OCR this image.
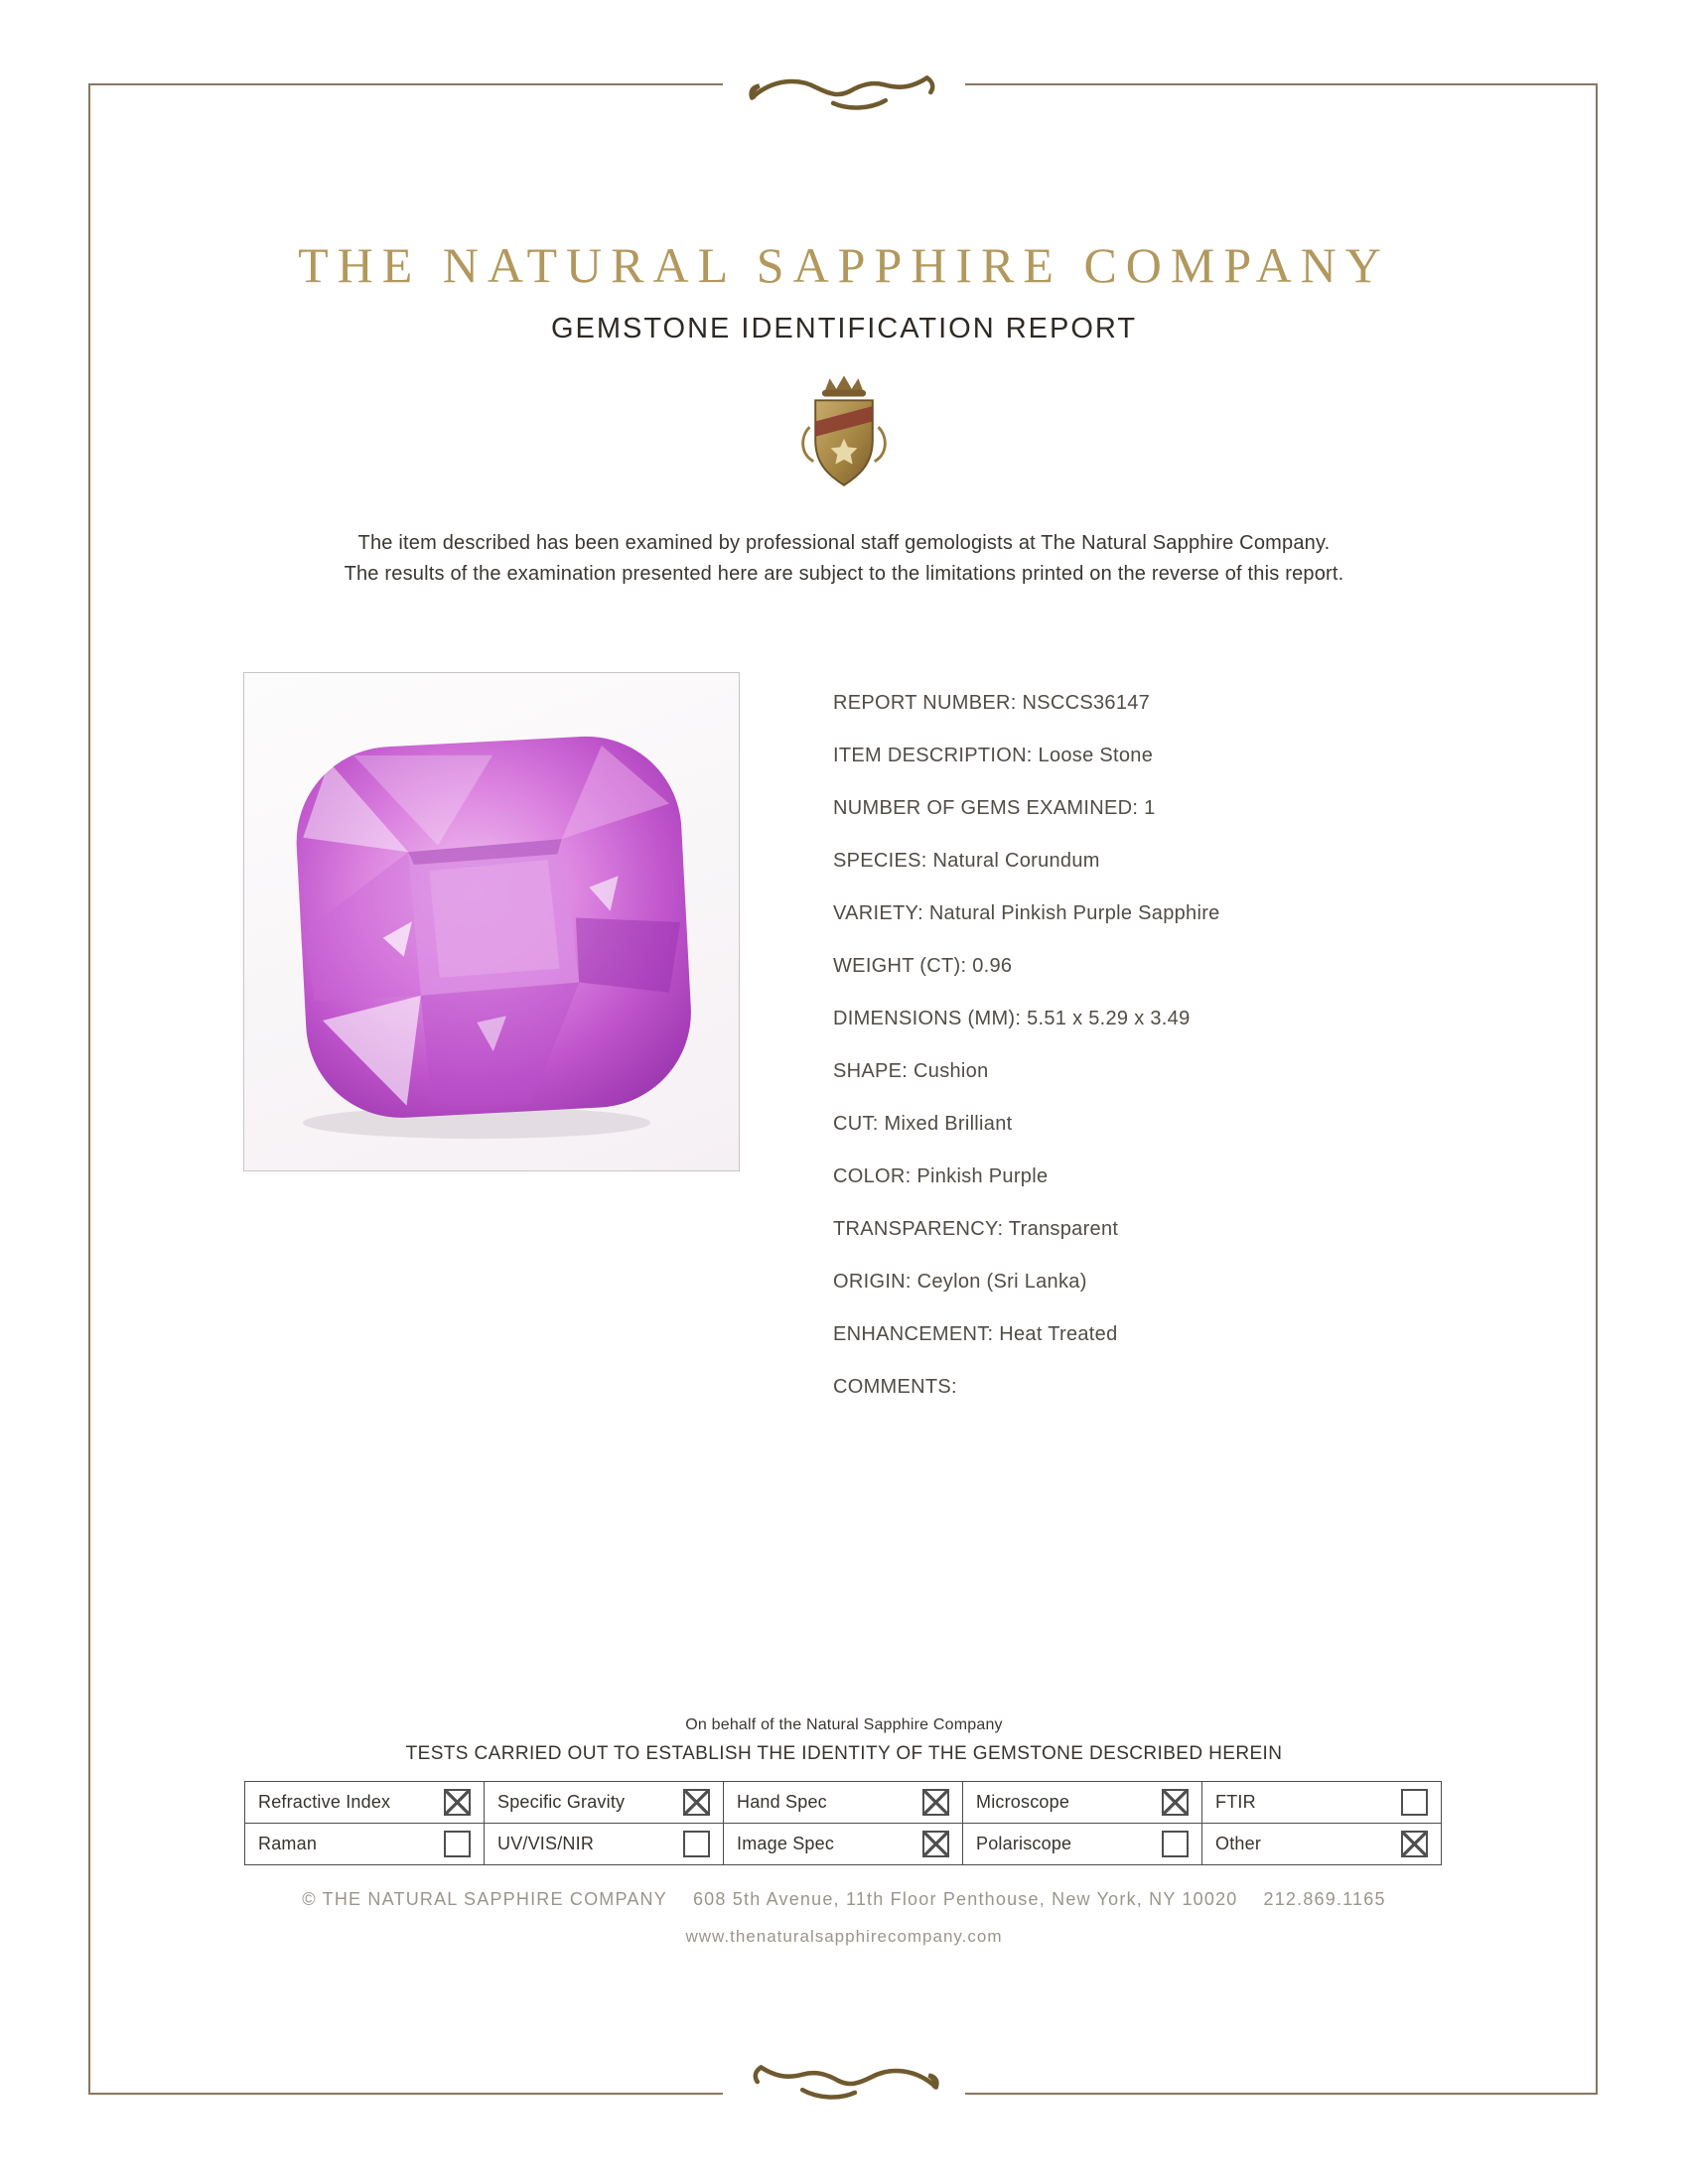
THE NATURAL SAPPHIRE COMPANY
GEMSTONE IDENTIFICATION REPORT
The item described has been examined by professional staff gemologists at The Natural Sapphire Company.
The results of the examination presented here are subject to the limitations printed on the reverse of this report.
REPORT NUMBER: NSCCS36147
ITEM DESCRIPTION: Loose Stone
NUMBER OF GEMS EXAMINED: 1
SPECIES: Natural Corundum
VARIETY: Natural Pinkish Purple Sapphire
WEIGHT (CT): 0.96
DIMENSIONS (MM): 5.51 x 5.29 x 3.49
SHAPE: Cushion
CUT: Mixed Brilliant
COLOR: Pinkish Purple
TRANSPARENCY: Transparent
ORIGIN: Ceylon (Sri Lanka)
ENHANCEMENT: Heat Treated
COMMENTS:
On behalf of the Natural Sapphire Company
TESTS CARRIED OUT TO ESTABLISH THE IDENTITY OF THE GEMSTONE DESCRIBED HEREIN
Refractive Index	Specific Gravity	Hand Spec	Microscope	FTIR

Raman	UV/VIS/NIR	Image Spec	Polariscope	Other
© THE NATURAL SAPPHIRE COMPANY 608 5th Avenue, 11th Floor Penthouse, New York, NY 10020 212.869.1165
www.thenaturalsapphirecompany.com
